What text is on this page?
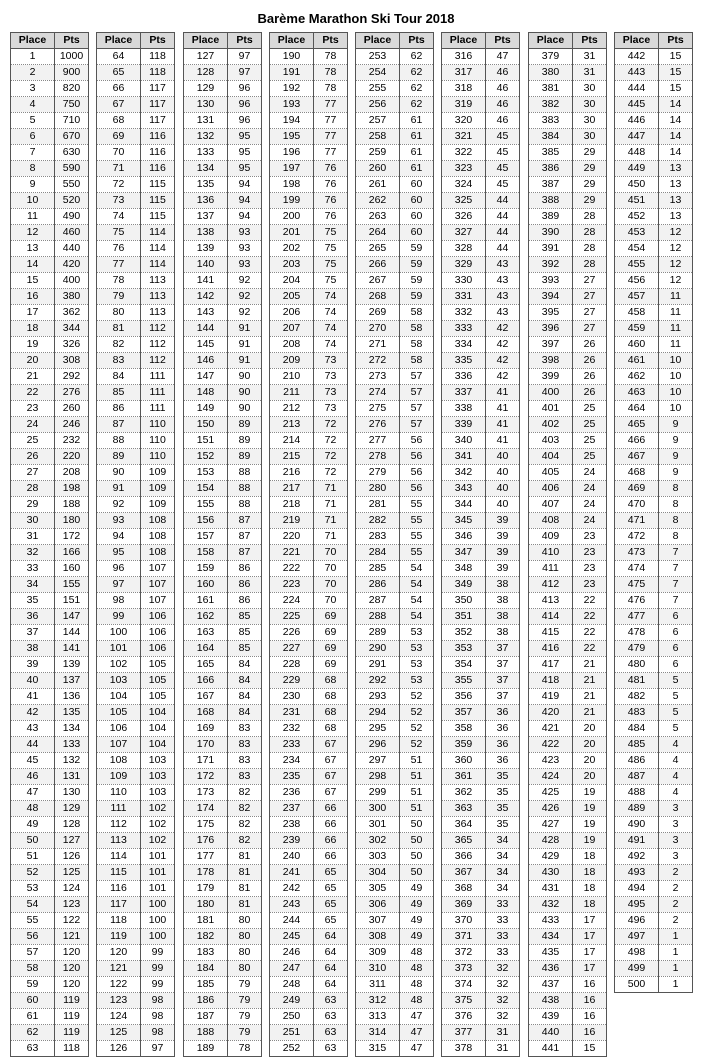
Barème Marathon Ski Tour 2018
Place	Pts
1	1000
2	900
3	820
4	750
5	710
6	670
7	630
8	590
9	550
10	520
11	490
12	460
13	440
14	420
15	400
16	380
17	362
18	344
19	326
20	308
21	292
22	276
23	260
24	246
25	232
26	220
27	208
28	198
29	188
30	180
31	172
32	166
33	160
34	155
35	151
36	147
37	144
38	141
39	139
40	137
41	136
42	135
43	134
44	133
45	132
46	131
47	130
48	129
49	128
50	127
51	126
52	125
53	124
54	123
55	122
56	121
57	120
58	120
59	120
60	119
61	119
62	119
63	118
Place	Pts
64	118
65	118
66	117
67	117
68	117
69	116
70	116
71	116
72	115
73	115
74	115
75	114
76	114
77	114
78	113
79	113
80	113
81	112
82	112
83	112
84	111
85	111
86	111
87	110
88	110
89	110
90	109
91	109
92	109
93	108
94	108
95	108
96	107
97	107
98	107
99	106
100	106
101	106
102	105
103	105
104	105
105	104
106	104
107	104
108	103
109	103
110	103
111	102
112	102
113	102
114	101
115	101
116	101
117	100
118	100
119	100
120	99
121	99
122	99
123	98
124	98
125	98
126	97
Place	Pts
127	97
128	97
129	96
130	96
131	96
132	95
133	95
134	95
135	94
136	94
137	94
138	93
139	93
140	93
141	92
142	92
143	92
144	91
145	91
146	91
147	90
148	90
149	90
150	89
151	89
152	89
153	88
154	88
155	88
156	87
157	87
158	87
159	86
160	86
161	86
162	85
163	85
164	85
165	84
166	84
167	84
168	84
169	83
170	83
171	83
172	83
173	82
174	82
175	82
176	82
177	81
178	81
179	81
180	81
181	80
182	80
183	80
184	80
185	79
186	79
187	79
188	79
189	78
Place	Pts
190	78
191	78
192	78
193	77
194	77
195	77
196	77
197	76
198	76
199	76
200	76
201	75
202	75
203	75
204	75
205	74
206	74
207	74
208	74
209	73
210	73
211	73
212	73
213	72
214	72
215	72
216	72
217	71
218	71
219	71
220	71
221	70
222	70
223	70
224	70
225	69
226	69
227	69
228	69
229	68
230	68
231	68
232	68
233	67
234	67
235	67
236	67
237	66
238	66
239	66
240	66
241	65
242	65
243	65
244	65
245	64
246	64
247	64
248	64
249	63
250	63
251	63
252	63
Place	Pts
253	62
254	62
255	62
256	62
257	61
258	61
259	61
260	61
261	60
262	60
263	60
264	60
265	59
266	59
267	59
268	59
269	58
270	58
271	58
272	58
273	57
274	57
275	57
276	57
277	56
278	56
279	56
280	56
281	55
282	55
283	55
284	55
285	54
286	54
287	54
288	54
289	53
290	53
291	53
292	53
293	52
294	52
295	52
296	52
297	51
298	51
299	51
300	51
301	50
302	50
303	50
304	50
305	49
306	49
307	49
308	49
309	48
310	48
311	48
312	48
313	47
314	47
315	47
Place	Pts
316	47
317	46
318	46
319	46
320	46
321	45
322	45
323	45
324	45
325	44
326	44
327	44
328	44
329	43
330	43
331	43
332	43
333	42
334	42
335	42
336	42
337	41
338	41
339	41
340	41
341	40
342	40
343	40
344	40
345	39
346	39
347	39
348	39
349	38
350	38
351	38
352	38
353	37
354	37
355	37
356	37
357	36
358	36
359	36
360	36
361	35
362	35
363	35
364	35
365	34
366	34
367	34
368	34
369	33
370	33
371	33
372	33
373	32
374	32
375	32
376	32
377	31
378	31
Place	Pts
379	31
380	31
381	30
382	30
383	30
384	30
385	29
386	29
387	29
388	29
389	28
390	28
391	28
392	28
393	27
394	27
395	27
396	27
397	26
398	26
399	26
400	26
401	25
402	25
403	25
404	25
405	24
406	24
407	24
408	24
409	23
410	23
411	23
412	23
413	22
414	22
415	22
416	22
417	21
418	21
419	21
420	21
421	20
422	20
423	20
424	20
425	19
426	19
427	19
428	19
429	18
430	18
431	18
432	18
433	17
434	17
435	17
436	17
437	16
438	16
439	16
440	16
441	15
Place	Pts
442	15
443	15
444	15
445	14
446	14
447	14
448	14
449	13
450	13
451	13
452	13
453	12
454	12
455	12
456	12
457	11
458	11
459	11
460	11
461	10
462	10
463	10
464	10
465	9
466	9
467	9
468	9
469	8
470	8
471	8
472	8
473	7
474	7
475	7
476	7
477	6
478	6
479	6
480	6
481	5
482	5
483	5
484	5
485	4
486	4
487	4
488	4
489	3
490	3
491	3
492	3
493	2
494	2
495	2
496	2
497	1
498	1
499	1
500	1
